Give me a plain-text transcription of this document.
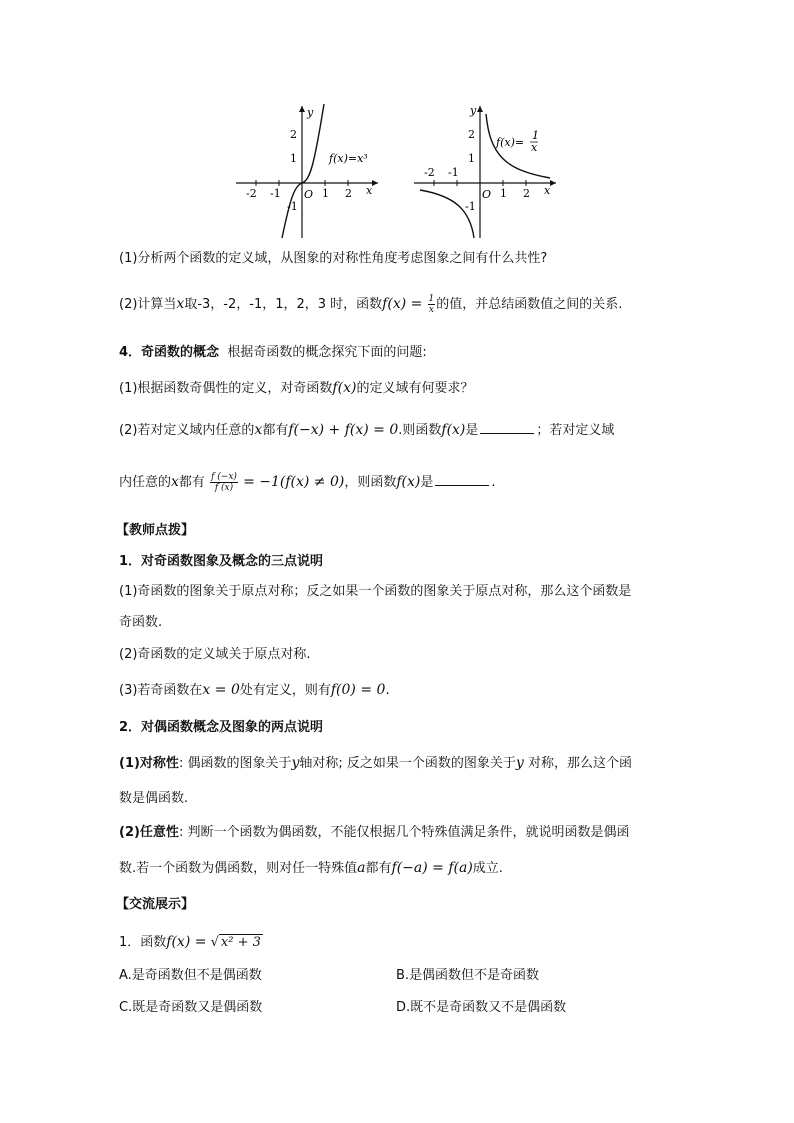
-2 -1	1 2
2
1
-1
O	x
y
f(x)=x³
-2 -1
1 2
2
1
-1
O	x
y
f(x)=
1
x
(1)分析两个函数的定义域，从图象的对称性角度考虑图象之间有什么共性?
(2)计算当x取-3，-2，-1，1，2，3 时，函数$f(x) = \frac{1}{x}$ 的值，并总结函数值之间的关系.
4．奇函数的概念 根据奇函数的概念探究下面的问题:
(1)根据函数奇偶性的定义，对奇函数f(x)的定义域有何要求？
(2)若对定义域内任意的x都有f(−x) + f(x) = 0.则函数f(x)是	；若对定义域
内任意的x都有 $\frac{f (-x)}{f (x)} = -1(f(x) \ne 0)$，则函数f(x)是	.
【教师点拨】
1．对奇函数图象及概念的三点说明
(1)奇函数的图象关于原点对称；反之如果一个函数的图象关于原点对称，那么这个函数是
奇函数.
(2)奇函数的定义域关于原点对称.
(3)若奇函数在x = 0处有定义，则有f(0) = 0.
2．对偶函数概念及图象的两点说明
(1)对称性: 偶函数的图象关于y轴对称; 反之如果一个函数的图象关于y 对称，那么这个函
数是偶函数.
(2)任意性: 判断一个函数为偶函数，不能仅根据几个特殊值满足条件，就说明函数是偶函
数.若一个函数为偶函数，则对任一特殊值a都有f(−a) = f(a)成立.
【交流展示】
1．函数f(x) = √ x² + 3
A.是奇函数但不是偶函数	B.是偶函数但不是奇函数
C.既是奇函数又是偶函数	D.既不是奇函数又不是偶函数
